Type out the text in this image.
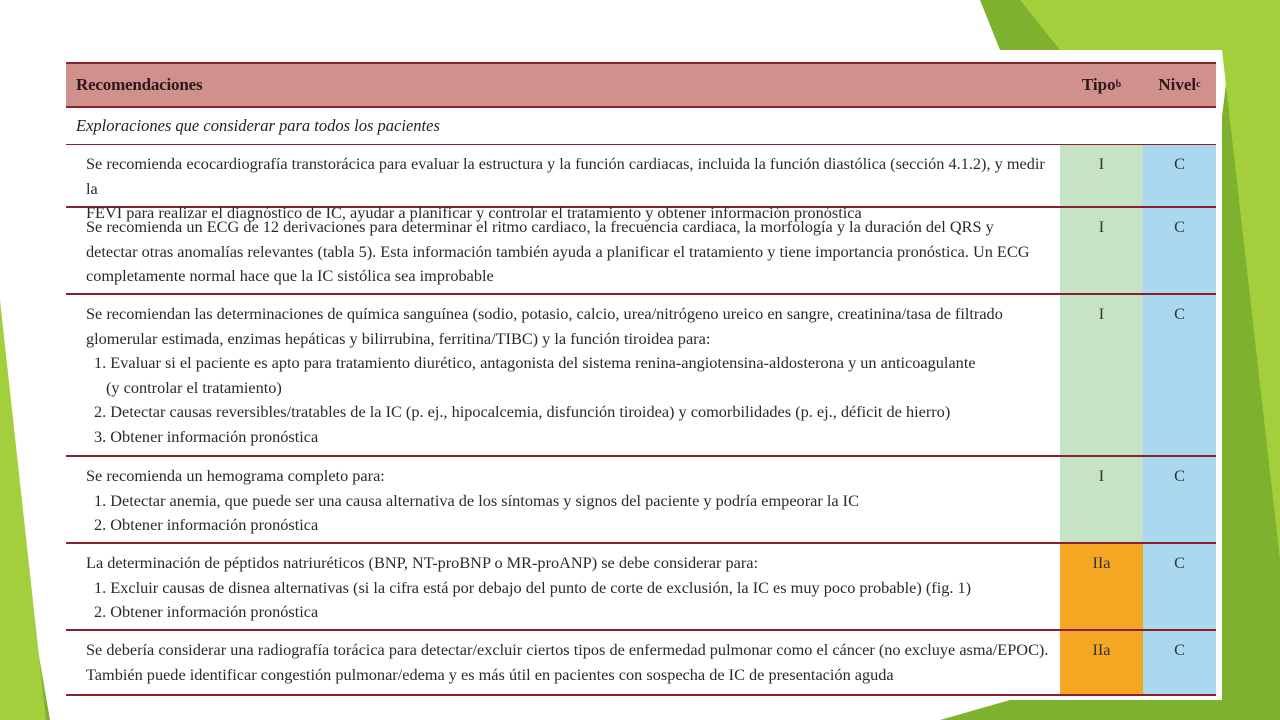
Recomendaciones	Tipo b Nivel c
Exploraciones que considerar para todos los pacientes

Se recomienda ecocardiografía transtorácica para evaluar la estructura y la función cardiacas, incluida la función diastólica (sección 4.1.2), y medir la

FEVI para realizar el diagnóstico de IC, ayudar a planificar y controlar el tratamiento y obtener información pronóstica

I	C

Se recomienda un ECG de 12 derivaciones para determinar el ritmo cardiaco, la frecuencia cardiaca, la morfología y la duración del QRS y

detectar otras anomalías relevantes (tabla 5). Esta información también ayuda a planificar el tratamiento y tiene importancia pronóstica. Un ECG

completamente normal hace que la IC sistólica sea improbable

I	C

Se recomiendan las determinaciones de química sanguínea (sodio, potasio, calcio, urea/nitrógeno ureico en sangre, creatinina/tasa de filtrado

glomerular estimada, enzimas hepáticas y bilirrubina, ferritina/TIBC) y la función tiroidea para:

1. Evaluar si el paciente es apto para tratamiento diurético, antagonista del sistema renina-angiotensina-aldosterona y un anticoagulante

(y controlar el tratamiento)

2. Detectar causas reversibles/tratables de la IC (p. ej., hipocalcemia, disfunción tiroidea) y comorbilidades (p. ej., déficit de hierro)

3. Obtener información pronóstica

I	C

Se recomienda un hemograma completo para:

1. Detectar anemia, que puede ser una causa alternativa de los síntomas y signos del paciente y podría empeorar la IC

2. Obtener información pronóstica

I	C

La determinación de péptidos natriuréticos (BNP, NT-proBNP o MR-proANP) se debe considerar para:

1. Excluir causas de disnea alternativas (si la cifra está por debajo del punto de corte de exclusión, la IC es muy poco probable) (fig. 1)

2. Obtener información pronóstica

IIa	C

Se debería considerar una radiografía torácica para detectar/excluir ciertos tipos de enfermedad pulmonar como el cáncer (no excluye asma/EPOC).

También puede identificar congestión pulmonar/edema y es más útil en pacientes con sospecha de IC de presentación aguda

IIa	C
